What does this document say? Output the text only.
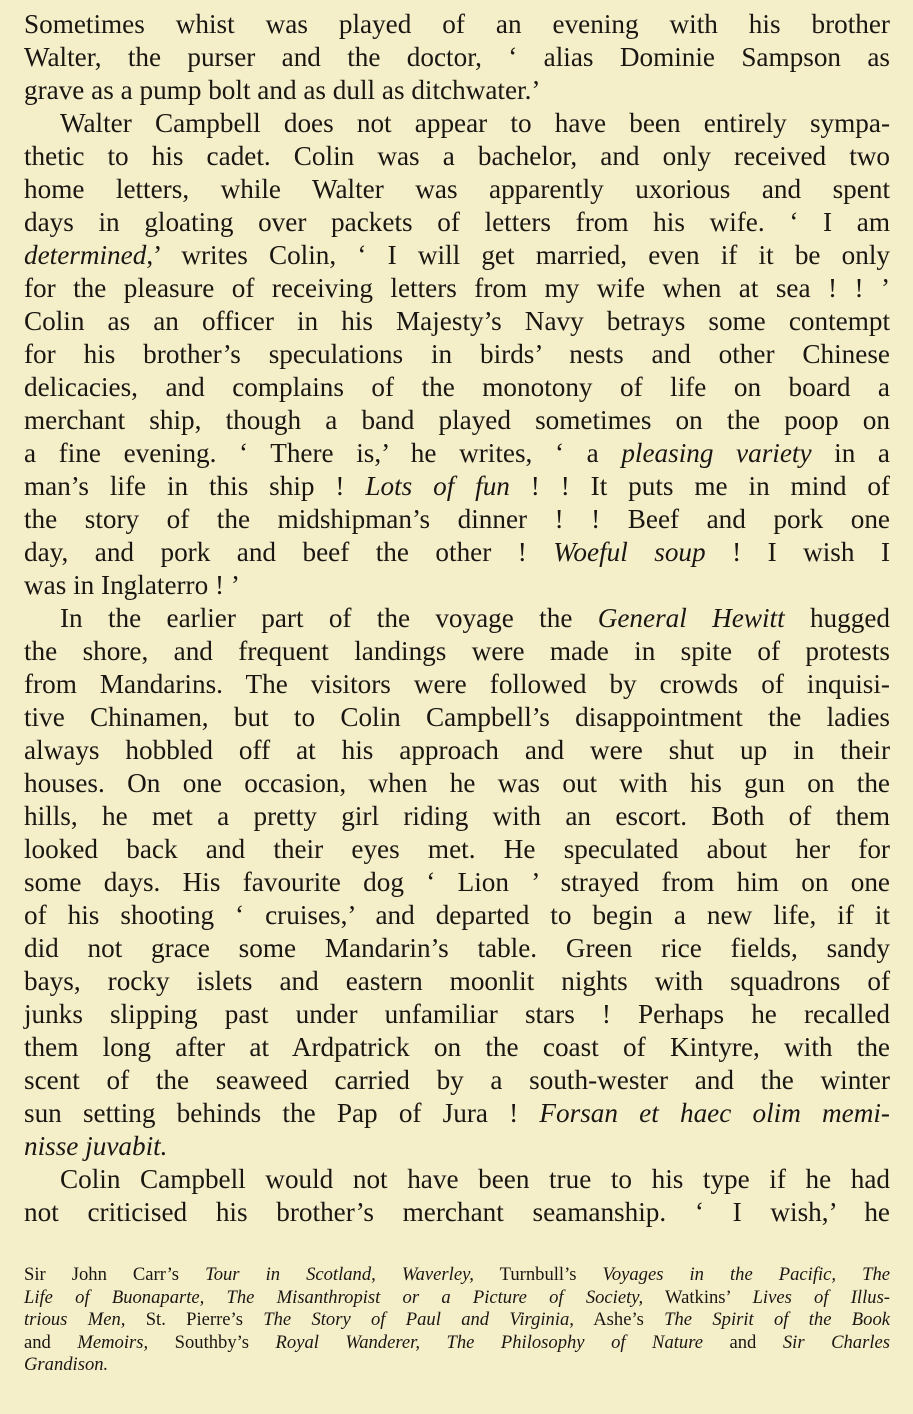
Sometimes whist was played of an evening with his brother
Walter, the purser and the doctor, ‘ alias Dominie Sampson as
grave as a pump bolt and as dull as ditchwater.’
Walter Campbell does not appear to have been entirely sympa-
thetic to his cadet. Colin was a bachelor, and only received two
home letters, while Walter was apparently uxorious and spent
days in gloating over packets of letters from his wife. ‘ I am
determined,’ writes Colin, ‘ I will get married, even if it be only
for the pleasure of receiving letters from my wife when at sea ! ! ’
Colin as an officer in his Majesty’s Navy betrays some contempt
for his brother’s speculations in birds’ nests and other Chinese
delicacies, and complains of the monotony of life on board a
merchant ship, though a band played sometimes on the poop on
a fine evening. ‘ There is,’ he writes, ‘ a pleasing variety in a
man’s life in this ship ! Lots of fun ! ! It puts me in mind of
the story of the midshipman’s dinner ! ! Beef and pork one
day, and pork and beef the other ! Woeful soup ! I wish I
was in Inglaterro ! ’
In the earlier part of the voyage the General Hewitt hugged
the shore, and frequent landings were made in spite of protests
from Mandarins. The visitors were followed by crowds of inquisi-
tive Chinamen, but to Colin Campbell’s disappointment the ladies
always hobbled off at his approach and were shut up in their
houses. On one occasion, when he was out with his gun on the
hills, he met a pretty girl riding with an escort. Both of them
looked back and their eyes met. He speculated about her for
some days. His favourite dog ‘ Lion ’ strayed from him on one
of his shooting ‘ cruises,’ and departed to begin a new life, if it
did not grace some Mandarin’s table. Green rice fields, sandy
bays, rocky islets and eastern moonlit nights with squadrons of
junks slipping past under unfamiliar stars ! Perhaps he recalled
them long after at Ardpatrick on the coast of Kintyre, with the
scent of the seaweed carried by a south-wester and the winter
sun setting behinds the Pap of Jura ! Forsan et haec olim memi-
nisse juvabit.
Colin Campbell would not have been true to his type if he had
not criticised his brother’s merchant seamanship. ‘ I wish,’ he
Sir John Carr’s Tour in Scotland, Waverley, Turnbull’s Voyages in the Pacific, The
Life of Buonaparte, The Misanthropist or a Picture of Society, Watkins’ Lives of Illus-
trious Men, St. Pierre’s The Story of Paul and Virginia, Ashe’s The Spirit of the Book
and Memoirs, Southby’s Royal Wanderer, The Philosophy of Nature and Sir Charles
Grandison.
